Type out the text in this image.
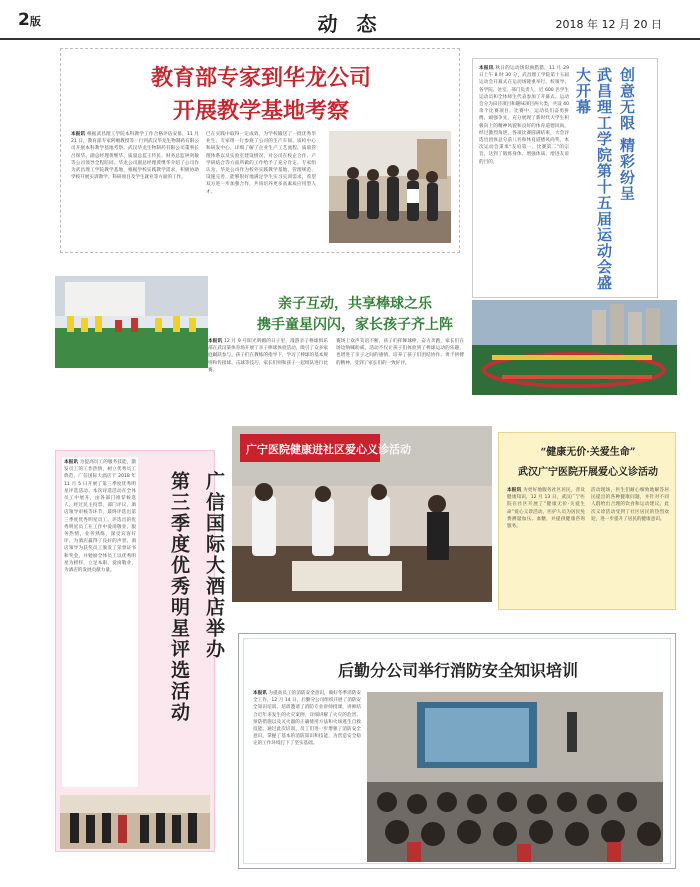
2版	动 态	2018 年 12 月 20 日
教育部专家到华龙公司
开展教学基地考察
本报讯 根据武昌理工学院本科教学工作合格评估安排，11 月 21 日，教育部专家阿嵋教授等一行到武汉华龙生物制药有限公司开展本科教学基地考察。武汉华龙生物制药有限公司董事长吕保华、副总经理黄继华、质量总监王传民、财务总监钟剑敏等公司领导全程陪同。华龙公司副总经理黄继华介绍了公司作为武昌理工学院教学基地，根据学校实践教学需求，积极协助学校开展实训教学、科研项目及学生就业等方面的工作。
已在实践中取得一定成效，为学校输送了一批优秀毕业生。专家组一行参观了公司的生产车间、质检中心和研发中心，详细了解了企业生产工艺流程、质量管理体系以及实验室建设情况，对公司在校企合作、产学研结合等方面所做的工作给予了充分肯定。专家组认为，华龙公司作为校外实践教学基地，管理规范，设施完善，能够很好地满足学生实习实训需求，希望双方进一步加强合作，共同培养更多高素质应用型人才。
本报讯 秋日的运动场彩旗猎猎，11 月 29 日上午 8 时 30 分，武昌理工学院第十五届运动会开幕式在运动场隆重举行。校领导、各学院、处室、部门负责人，近 600 名学生运动员和全体师生代表参加了开幕式。运动会分为田径项目和趣味项目两大类，共设 40 余个比赛项目。比赛中，运动员们奋勇拼搏、顽强争先，充分展现了新时代大学生积极向上的精神风貌和良好的体育道德风尚。经过激烈角逐，各项比赛圆满结束，大会评选出团体总分前八名和体育道德风尚奖。本次运动会秉承“友谊第一、比赛第二”的宗旨，达到了锻炼身体、增强体质、增进友谊的目的。	创意无限 精彩纷呈
武昌理工学院第十五届运动会盛大开幕
亲子互动，共享棒球之乐
携手童星闪闪，家长孩子齐上阵
本报讯 12 月 9 号阳光明媚的日子里，漫游亲子棒球俱乐部在武汉某体育场开展了亲子棒球体验活动，吸引了众多家庭踊跃参与。孩子们在教练的指导下，学习了棒球的基本规则和传接球、击球等技巧，家长们则和孩子一起组队进行比赛。
赛场上欢声笑语不断，孩子们挥舞球棒，奋力奔跑，家长们在场边呐喊助威。活动不仅让孩子们体验到了棒球运动的乐趣，也增进了亲子之间的感情，培养了孩子们团结协作、勇于拼搏的精神，受到了家长们的一致好评。
本报讯 为提高员工的服务技能，激发员工的工作热情，树立优秀员工典范，广信国际大酒店于 2018 年 11 月 5 日开展了第三季度优秀明星评选活动。本次评选活动在全体员工中展开，由各部门推荐候选人，经过民主投票、部门评议、酒店领导审核等环节，最终评选出第三季度优秀明星员工。评选出的优秀明星员工在工作中爱岗敬业、服务热情、业务熟练，深受宾客好评，为酒店赢得了良好的声誉。酒店领导为获奖员工颁发了荣誉证书和奖金，并勉励全体员工以优秀明星为榜样，立足本职、爱岗敬业，为酒店的发展贡献力量。	广信国际大酒店举办
第三季度优秀明星评选活动
广宁医院健康进社区爱心义诊活动	“健康无价·关爱生命”
武汉广宁医院开展爱心义诊活动
本报讯 为更好地服务社区居民，普及健康知识，12 月 13 日，武汉广宁医院在社区开展了“健康无价·关爱生命”爱心义诊活动。医护人员为居民免费测量血压、血糖，并提供健康咨询服务。
活动现场，医生们耐心细致地解答居民提出的各种健康问题，并针对不同人群给出合理的饮食和运动建议。此次义诊活动受到了社区居民的热烈欢迎，进一步提升了居民的健康意识。
后勤分公司举行消防安全知识培训
本报讯 为提高员工的消防安全意识，做好冬季消防安全工作，12 月 14 日，后勤分公司组织开展了消防安全知识培训。培训邀请了消防专业讲师授课，讲师结合近年来发生的火灾案例，详细讲解了火灾的危害、预防措施以及灭火器的正确使用方法和火场逃生自救技能。通过此次培训，员工们进一步增强了消防安全意识，掌握了基本的消防知识和技能，为营造安全稳定的工作环境打下了坚实基础。
